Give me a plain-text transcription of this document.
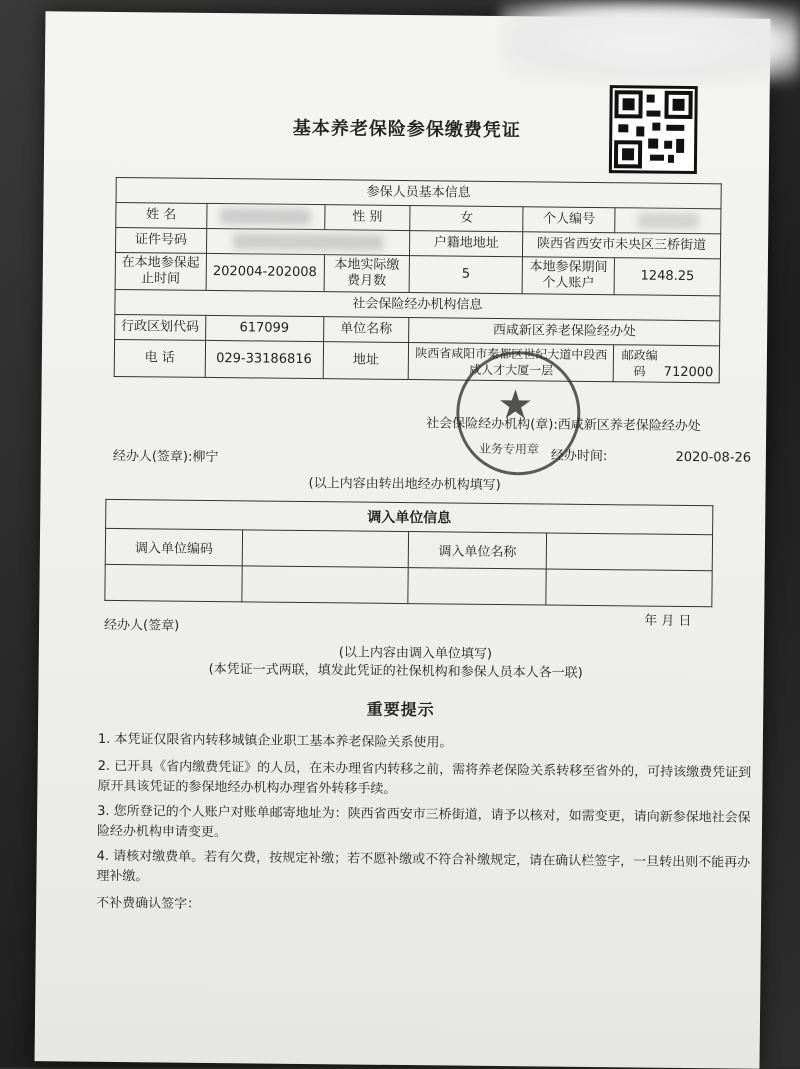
基本养老保险参保缴费凭证
参保人员基本信息					
姓 名		性 别	女	个人编号	
证件号码			户籍地地址	陕西省西安市未央区三桥街道	
在本地参保起止时间	202004-202008	本地实际缴费月数	5	本地参保期间个人账户	1248.25
社会保险经办机构信息					
行政区划代码	617099	单位名称	西咸新区养老保险经办处		
电 话	029-33186816	地址	陕西省咸阳市秦都区世纪大道中段西咸人才大厦一层		邮政编码 712000
★
业务专用章
社会保险经办机构(章):西咸新区养老保险经办处
经办人(签章):柳宁	经办时间:	2020-08-26
(以上内容由转出地经办机构填写)
调入单位信息			
调入单位编码		调入单位名称	

经办人(签章)	年 月 日
(以上内容由调入单位填写)
(本凭证一式两联，填发此凭证的社保机构和参保人员本人各一联)
重要提示
1. 本凭证仅限省内转移城镇企业职工基本养老保险关系使用。
2. 已开具《省内缴费凭证》的人员，在未办理省内转移之前，需将养老保险关系转移至省外的，可持该缴费凭证到原开具该凭证的参保地经办机构办理省外转移手续。
3. 您所登记的个人账户对账单邮寄地址为：陕西省西安市三桥街道，请予以核对，如需变更，请向新参保地社会保险经办机构申请变更。
4. 请核对缴费单。若有欠费，按规定补缴；若不愿补缴或不符合补缴规定，请在确认栏签字，一旦转出则不能再办理补缴。
不补费确认签字：
